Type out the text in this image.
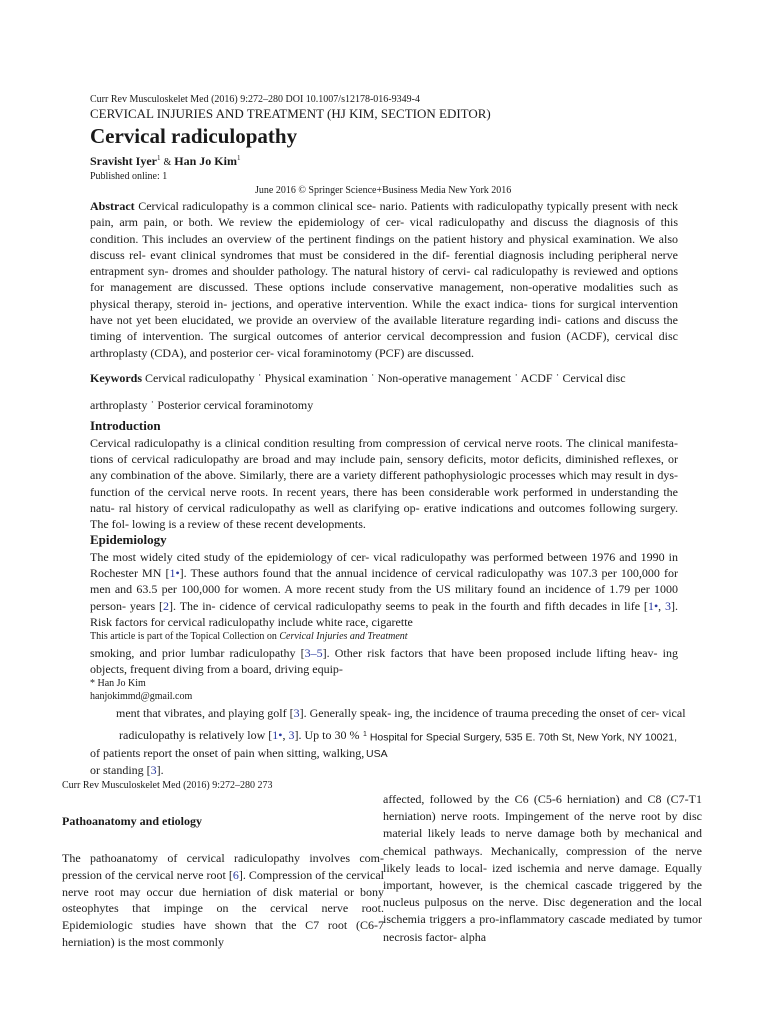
Curr Rev Musculoskelet Med (2016) 9:272–280 DOI 10.1007/s12178-016-9349-4
CERVICAL INJURIES AND TREATMENT (HJ KIM, SECTION EDITOR)
Cervical radiculopathy
Sravisht Iyer$^1$ & Han Jo Kim$^1$
Published online: 1
June 2016 © Springer Science+Business Media New York 2016
Abstract Cervical radiculopathy is a common clinical sce- nario. Patients with radiculopathy typically present with neck pain, arm pain, or both. We review the epidemiology of cer- vical radiculopathy and discuss the diagnosis of this condition. This includes an overview of the pertinent findings on the patient history and physical examination. We also discuss rel- evant clinical syndromes that must be considered in the dif- ferential diagnosis including peripheral nerve entrapment syn- dromes and shoulder pathology. The natural history of cervi- cal radiculopathy is reviewed and options for management are discussed. These options include conservative management, non-operative modalities such as physical therapy, steroid in- jections, and operative intervention. While the exact indica- tions for surgical intervention have not yet been elucidated, we provide an overview of the available literature regarding indi- cations and discuss the timing of intervention. The surgical outcomes of anterior cervical decompression and fusion (ACDF), cervical disc arthroplasty (CDA), and posterior cer- vical foraminotomy (PCF) are discussed.
Keywords Cervical radiculopathy ˙ Physical examination ˙ Non-operative management ˙ ACDF ˙ Cervical disc
arthroplasty ˙ Posterior cervical foraminotomy
Introduction
Cervical radiculopathy is a clinical condition resulting from compression of cervical nerve roots. The clinical manifesta- tions of cervical radiculopathy are broad and may include pain, sensory deficits, motor deficits, diminished reflexes, or any combination of the above. Similarly, there are a variety different pathophysiologic processes which may result in dys- function of the cervical nerve roots. In recent years, there has been considerable work performed in understanding the natu- ral history of cervical radiculopathy as well as clarifying op- erative indications and outcomes following surgery. The fol- lowing is a review of these recent developments.
Epidemiology
The most widely cited study of the epidemiology of cer- vical radiculopathy was performed between 1976 and 1990 in Rochester MN [1•]. These authors found that the annual incidence of cervical radiculopathy was 107.3 per 100,000 for men and 63.5 per 100,000 for women. A more recent study from the US military found an incidence of 1.79 per 1000 person- years [2]. The in- cidence of cervical radiculopathy seems to peak in the fourth and fifth decades in life [1•, 3]. Risk factors for cervical radiculopathy include white race, cigarette
This article is part of the Topical Collection on Cervical Injuries and Treatment
smoking, and prior lumbar radiculopathy [3–5]. Other risk factors that have been proposed include lifting heav- ing objects, frequent diving from a board, driving equip-
* Han Jo Kim
hanjokimmd@gmail.com
ment that vibrates, and playing golf [3]. Generally speak- ing, the incidence of trauma preceding the onset of cer- vical
radiculopathy is relatively low [1•, 3]. Up to 30 % $^1$ Hospital for Special Surgery, 535 E. 70th St, New York, NY 10021,
of patients report the onset of pain when sitting, walking, USA
or standing [3].
Curr Rev Musculoskelet Med (2016) 9:272–280 273
Pathoanatomy and etiology
The pathoanatomy of cervical radiculopathy involves com- pression of the cervical nerve root [6]. Compression of the cervical nerve root may occur due herniation of disk material or bony osteophytes that impinge on the cervical nerve root. Epidemiologic studies have shown that the C7 root (C6-7 herniation) is the most commonly
affected, followed by the C6 (C5-6 herniation) and C8 (C7-T1 herniation) nerve roots. Impingement of the nerve root by disc material likely leads to nerve damage both by mechanical and chemical pathways. Mechanically, compression of the nerve likely leads to local- ized ischemia and nerve damage. Equally important, however, is the chemical cascade triggered by the nucleus pulposus on the nerve. Disc degeneration and the local ischemia triggers a pro-inflammatory cascade mediated by tumor necrosis factor- alpha
